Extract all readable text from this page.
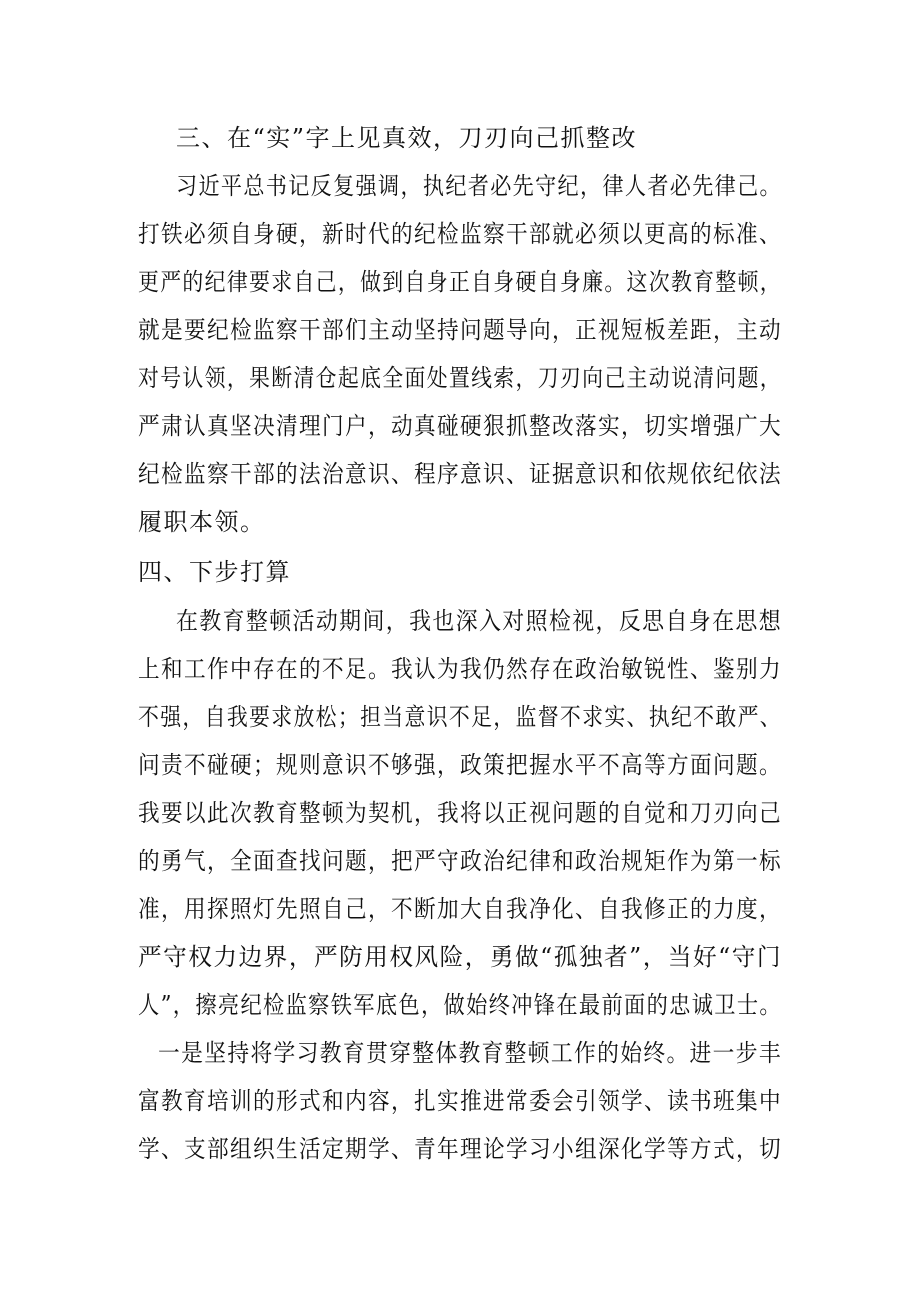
三、在“实”字上见真效，刀刃向己抓整改
习近平总书记反复强调，执纪者必先守纪，律人者必先律己。
打铁必须自身硬，新时代的纪检监察干部就必须以更高的标准、
更严的纪律要求自己，做到自身正自身硬自身廉。这次教育整顿，
就是要纪检监察干部们主动坚持问题导向，正视短板差距，主动
对号认领，果断清仓起底全面处置线索，刀刃向己主动说清问题，
严肃认真坚决清理门户，动真碰硬狠抓整改落实，切实增强广大
纪检监察干部的法治意识、程序意识、证据意识和依规依纪依法
履职本领。
四、下步打算
在教育整顿活动期间，我也深入对照检视，反思自身在思想
上和工作中存在的不足。我认为我仍然存在政治敏锐性、鉴别力
不强，自我要求放松；担当意识不足，监督不求实、执纪不敢严、
问责不碰硬；规则意识不够强，政策把握水平不高等方面问题。
我要以此次教育整顿为契机，我将以正视问题的自觉和刀刃向己
的勇气，全面查找问题，把严守政治纪律和政治规矩作为第一标
准，用探照灯先照自己，不断加大自我净化、自我修正的力度，
严守权力边界，严防用权风险，勇做“孤独者”，当好“守门
人”，擦亮纪检监察铁军底色，做始终冲锋在最前面的忠诚卫士。
一是坚持将学习教育贯穿整体教育整顿工作的始终。进一步丰
富教育培训的形式和内容，扎实推进常委会引领学、读书班集中
学、支部组织生活定期学、青年理论学习小组深化学等方式，切
